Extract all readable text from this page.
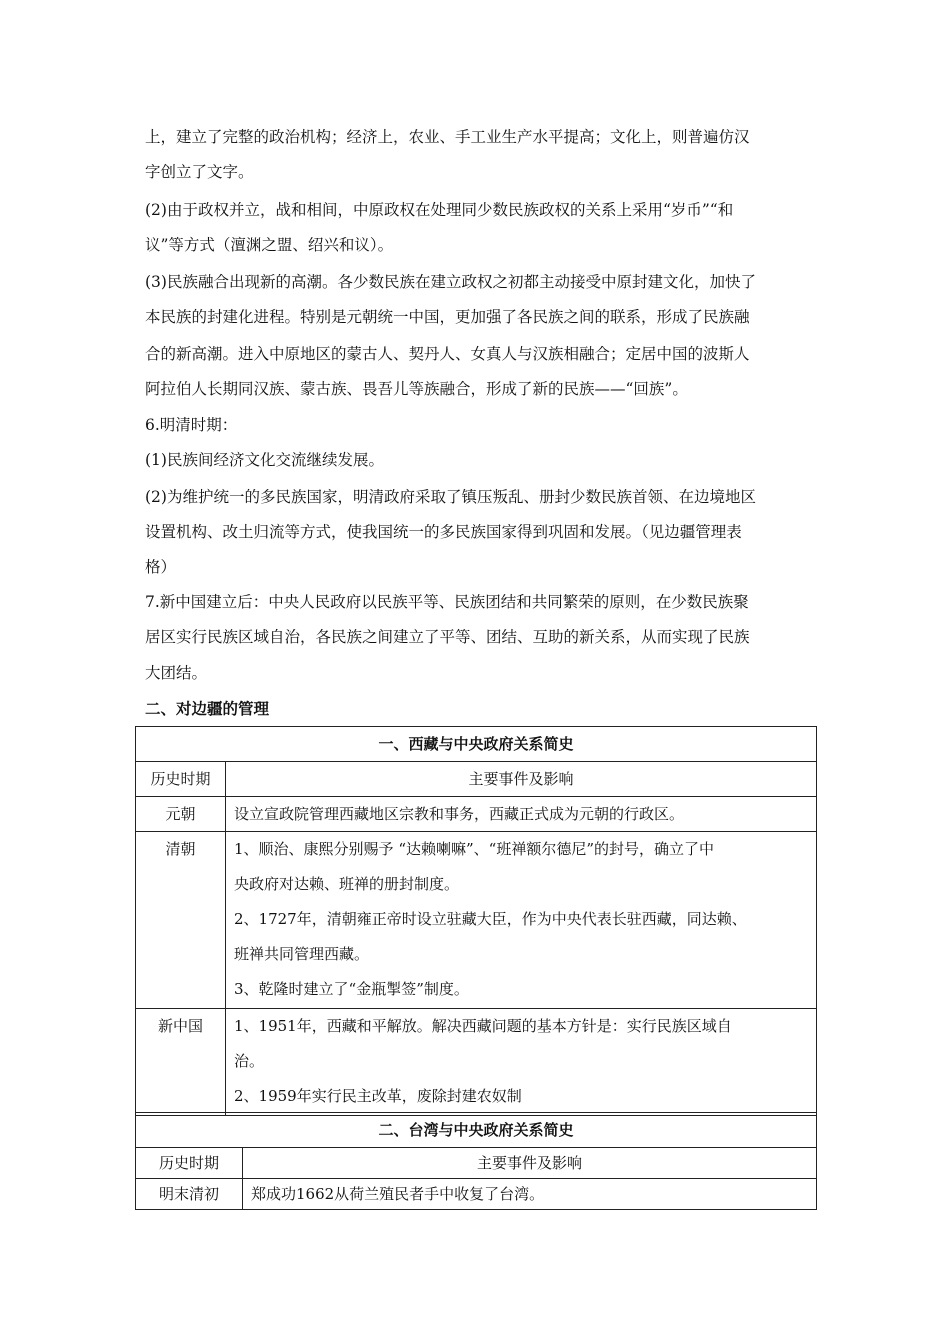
上，建立了完整的政治机构；经济上，农业、手工业生产水平提高；文化上，则普遍仿汉
字创立了文字。
(2)由于政权并立，战和相间，中原政权在处理同少数民族政权的关系上采用“岁币”“和
议”等方式（澶渊之盟、绍兴和议）。
(3)民族融合出现新的高潮。各少数民族在建立政权之初都主动接受中原封建文化，加快了
本民族的封建化进程。特别是元朝统一中国，更加强了各民族之间的联系，形成了民族融
合的新高潮。进入中原地区的蒙古人、契丹人、女真人与汉族相融合；定居中国的波斯人
阿拉伯人长期同汉族、蒙古族、畏吾儿等族融合，形成了新的民族——“回族”。
6.明清时期：
(1)民族间经济文化交流继续发展。
(2)为维护统一的多民族国家，明清政府采取了镇压叛乱、册封少数民族首领、在边境地区
设置机构、改土归流等方式，使我国统一的多民族国家得到巩固和发展。（见边疆管理表
格）
7.新中国建立后：中央人民政府以民族平等、民族团结和共同繁荣的原则，在少数民族聚
居区实行民族区域自治，各民族之间建立了平等、团结、互助的新关系，从而实现了民族
大团结。
二、对边疆的管理
一、西藏与中央政府关系简史	
历史时期	主要事件及影响
元朝	设立宣政院管理西藏地区宗教和事务，西藏正式成为元朝的行政区。

清朝	1、顺治、康熙分别赐予 “达赖喇嘛”、“班禅额尔德尼”的封号，确立了中
央政府对达赖、班禅的册封制度。
2、1727年，清朝雍正帝时设立驻藏大臣，作为中央代表长驻西藏，同达赖、
班禅共同管理西藏。
3、乾隆时建立了“金瓶掣签”制度。

新中国	1、1951年，西藏和平解放。解决西藏问题的基本方针是：实行民族区域自
治。
2、1959年实行民主改革，废除封建农奴制
二、台湾与中央政府关系简史	
历史时期	主要事件及影响
明末清初	郑成功1662从荷兰殖民者手中收复了台湾。
